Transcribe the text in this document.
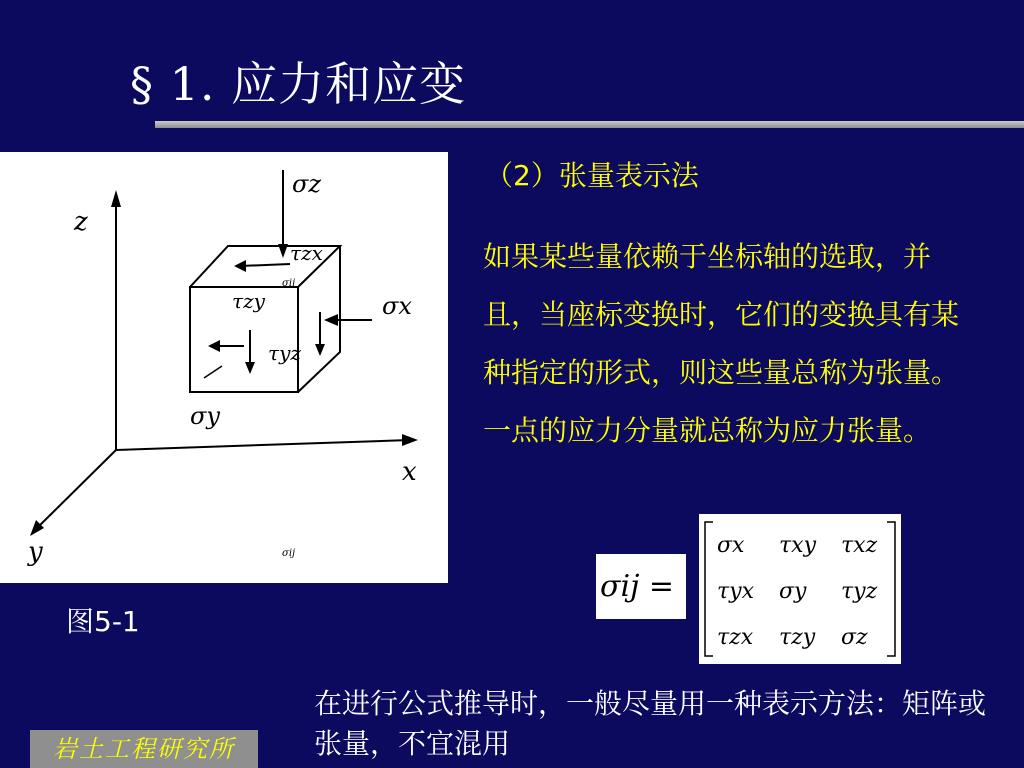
§ 1. 应力和应变
z
x
y
σz
τzx
σij
σx
τzy
τyz
σy
σij
图5-1
（2）张量表示法
如果某些量依赖于坐标轴的选取，并且，当座标变换时，它们的变换具有某种指定的形式，则这些量总称为张量。一点的应力分量就总称为应力张量。
σij =
σx τxy τxz
τyx σy τyz
τzx τzy σz
在进行公式推导时，一般尽量用一种表示方法：矩阵或张量，不宜混用
岩土工程研究所
